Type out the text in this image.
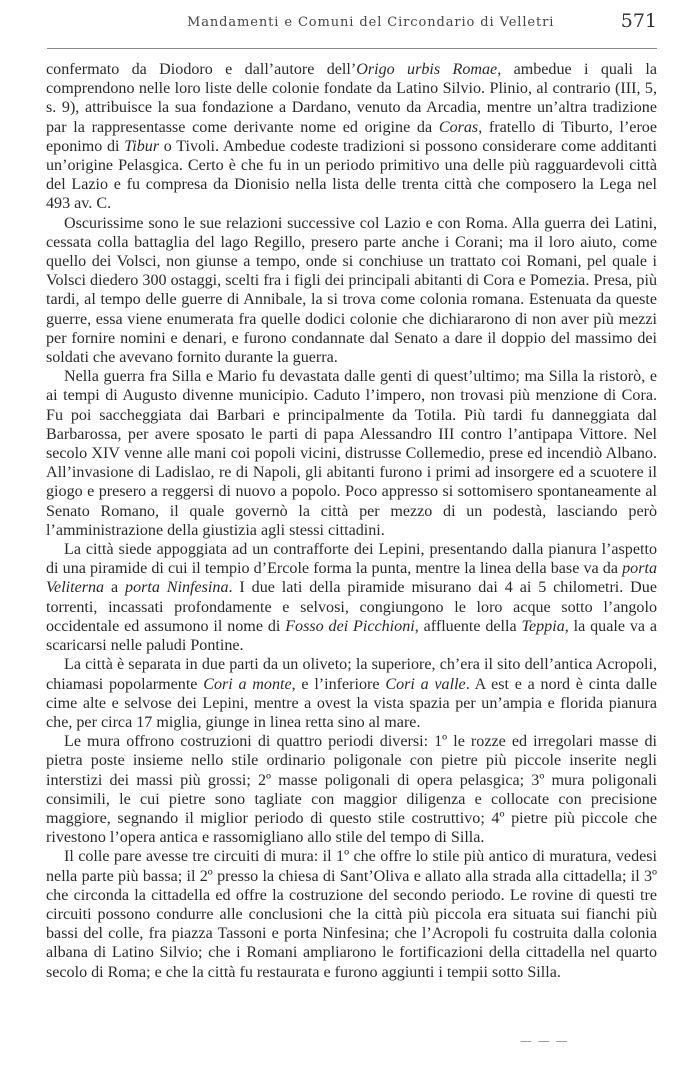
Mandamenti e Comuni del Circondario di Velletri	571

confermato da Diodoro e dall’autore dell’Origo urbis Romae, ambedue i quali la comprendono nelle loro liste delle colonie fondate da Latino Silvio. Plinio, al contrario (III, 5, s. 9), attribuisce la sua fondazione a Dardano, venuto da Arcadia, mentre un’altra tradizione par la rappresentasse come derivante nome ed origine da Coras, fratello di Tiburto, l’eroe eponimo di Tibur o Tivoli. Ambedue codeste tradizioni si possono considerare come additanti un’origine Pelasgica. Certo è che fu in un periodo primitivo una delle più ragguardevoli città del Lazio e fu compresa da Dionisio nella lista delle trenta città che composero la Lega nel 493 av. C.

Oscurissime sono le sue relazioni successive col Lazio e con Roma. Alla guerra dei Latini, cessata colla battaglia del lago Regillo, presero parte anche i Corani; ma il loro aiuto, come quello dei Volsci, non giunse a tempo, onde si conchiuse un trattato coi Romani, pel quale i Volsci diedero 300 ostaggi, scelti fra i figli dei principali abitanti di Cora e Pomezia. Presa, più tardi, al tempo delle guerre di Annibale, la si trova come colonia romana. Estenuata da queste guerre, essa viene enumerata fra quelle dodici colonie che dichiararono di non aver più mezzi per fornire nomini e denari, e furono condannate dal Senato a dare il doppio del massimo dei soldati che avevano fornito durante la guerra.

Nella guerra fra Silla e Mario fu devastata dalle genti di quest’ultimo; ma Silla la ristorò, e ai tempi di Augusto divenne municipio. Caduto l’impero, non trovasi più menzione di Cora. Fu poi saccheggiata dai Barbari e principalmente da Totila. Più tardi fu danneggiata dal Barbarossa, per avere sposato le parti di papa Alessandro III contro l’antipapa Vittore. Nel secolo XIV venne alle mani coi popoli vicini, distrusse Collemedio, prese ed incendiò Albano. All’invasione di Ladislao, re di Napoli, gli abitanti furono i primi ad insorgere ed a scuotere il giogo e presero a reggersi di nuovo a popolo. Poco appresso si sottomisero spontaneamente al Senato Romano, il quale governò la città per mezzo di un podestà, lasciando però l’amministrazione della giustizia agli stessi cittadini.

La città siede appoggiata ad un contrafforte dei Lepini, presentando dalla pianura l’aspetto di una piramide di cui il tempio d’Ercole forma la punta, mentre la linea della base va da porta Veliterna a porta Ninfesina. I due lati della piramide misurano dai 4 ai 5 chilometri. Due torrenti, incassati profondamente e selvosi, congiungono le loro acque sotto l’angolo occidentale ed assumono il nome di Fosso dei Picchioni, affluente della Teppia, la quale va a scaricarsi nelle paludi Pontine.

La città è separata in due parti da un oliveto; la superiore, ch’era il sito dell’antica Acropoli, chiamasi popolarmente Cori a monte, e l’inferiore Cori a valle. A est e a nord è cinta dalle cime alte e selvose dei Lepini, mentre a ovest la vista spazia per un’ampia e florida pianura che, per circa 17 miglia, giunge in linea retta sino al mare.

Le mura offrono costruzioni di quattro periodi diversi: 1º le rozze ed irregolari masse di pietra poste insieme nello stile ordinario poligonale con pietre più piccole inserite negli interstizi dei massi più grossi; 2º masse poligonali di opera pelasgica; 3º mura poligonali consimili, le cui pietre sono tagliate con maggior diligenza e collocate con precisione maggiore, segnando il miglior periodo di questo stile costruttivo; 4º pietre più piccole che rivestono l’opera antica e rassomigliano allo stile del tempo di Silla.

Il colle pare avesse tre circuiti di mura: il 1º che offre lo stile più antico di muratura, vedesi nella parte più bassa; il 2º presso la chiesa di Sant’Oliva e allato alla strada alla cittadella; il 3º che circonda la cittadella ed offre la costruzione del secondo periodo. Le rovine di questi tre circuiti possono condurre alle conclusioni che la città più piccola era situata sui fianchi più bassi del colle, fra piazza Tassoni e porta Ninfesina; che l’Acropoli fu costruita dalla colonia albana di Latino Silvio; che i Romani ampliarono le fortificazioni della cittadella nel quarto secolo di Roma; e che la città fu restaurata e furono aggiunti i tempii sotto Silla.

— — —
